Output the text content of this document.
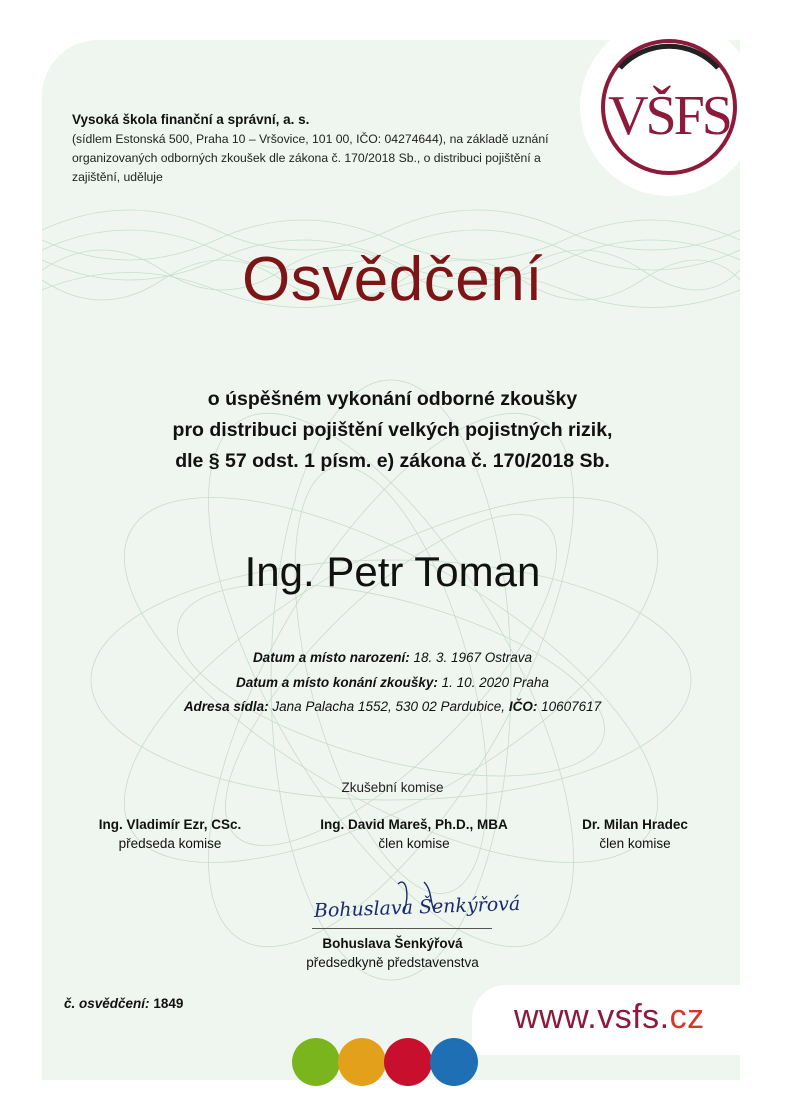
VŠFS
Vysoká škola finanční a správní, a. s.
(sídlem Estonská 500, Praha 10 – Vršovice, 101 00, IČO: 04274644), na základě uznání organizovaných odborných zkoušek dle zákona č. 170/2018 Sb., o distribuci pojištění a zajištění, uděluje
Osvědčení
o úspěšném vykonání odborné zkoušky
pro distribuci pojištění velkých pojistných rizik,
dle § 57 odst. 1 písm. e) zákona č. 170/2018 Sb.
Ing. Petr Toman
Datum a místo narození: 18. 3. 1967 Ostrava
Datum a místo konání zkoušky: 1. 10. 2020 Praha
Adresa sídla: Jana Palacha 1552, 530 02 Pardubice, IČO: 10607617
Zkušební komise
Ing. Vladimír Ezr, CSc.
předseda komise
Ing. David Mareš, Ph.D., MBA
člen komise
Dr. Milan Hradec
člen komise
Bohuslava Šenkýřová
Bohuslava Šenkýřová
předsedkyně představenstva
č. osvědčení: 1849	www.vsfs.cz
